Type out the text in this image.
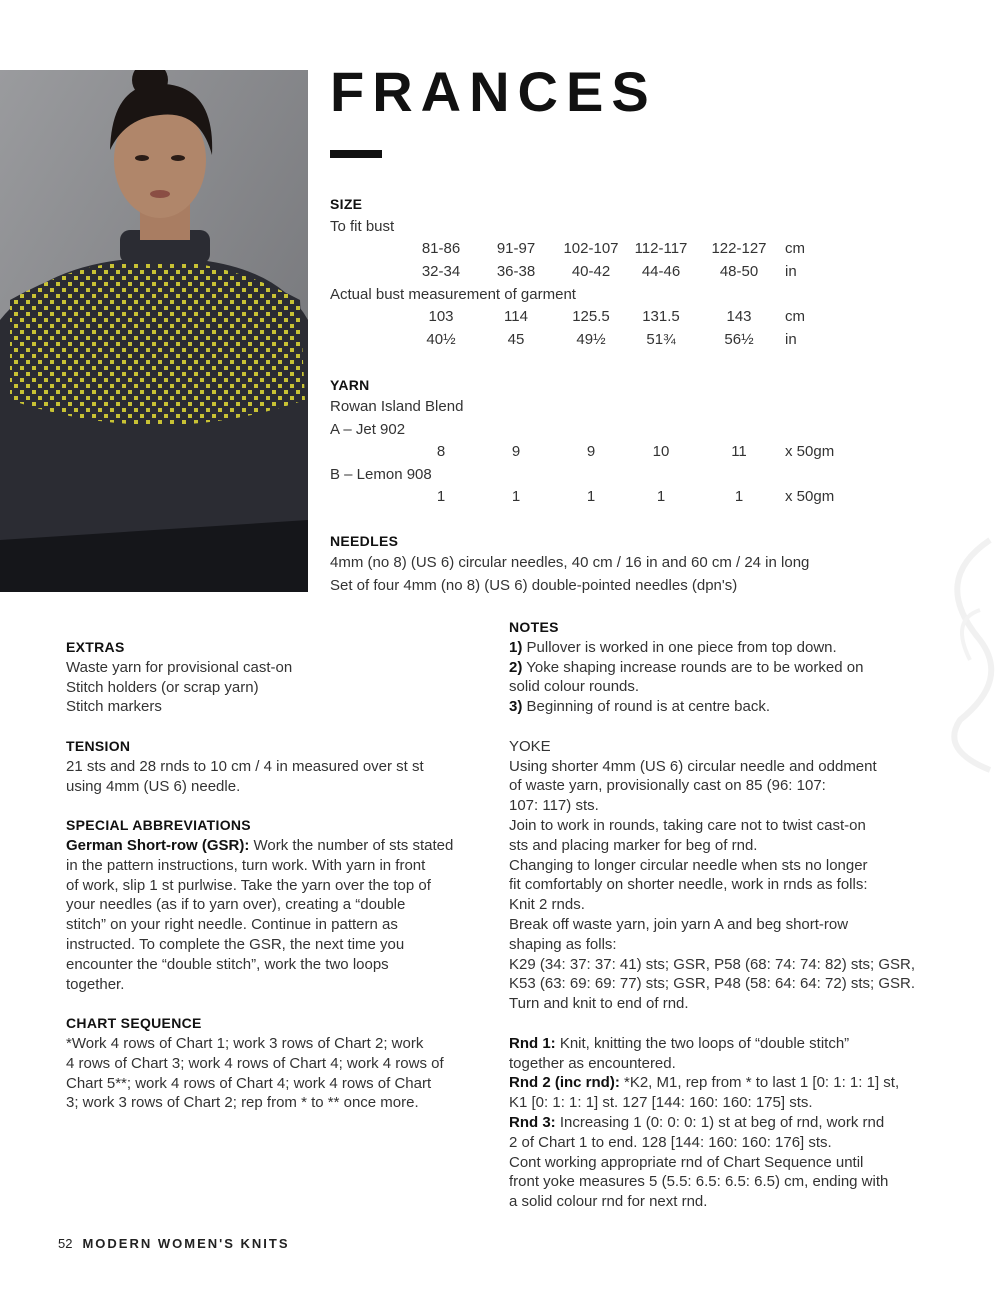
FRANCES
SIZE
To fit bust
81-86	91-97	102-107	112-117	122-127	cm
32-34	36-38	40-42	44-46	48-50	in
Actual bust measurement of garment
103	114	125.5	131.5	143	cm
40½	45	49½	51¾	56½	in
YARN
Rowan Island Blend
A – Jet 902
8	9	9	10	11	x 50gm
B – Lemon 908
1	1	1	1	1	x 50gm
NEEDLES
4mm (no 8) (US 6) circular needles, 40 cm / 16 in and 60 cm / 24 in long
Set of four 4mm (no 8) (US 6) double-pointed needles (dpn's)
EXTRAS

Waste yarn for provisional cast-on

Stitch holders (or scrap yarn)

Stitch markers

TENSION

21 sts and 28 rnds to 10 cm / 4 in measured over st st

using 4mm (US 6) needle.

SPECIAL ABBREVIATIONS

German Short-row (GSR): Work the number of sts stated

in the pattern instructions, turn work. With yarn in front

of work, slip 1 st purlwise. Take the yarn over the top of

your needles (as if to yarn over), creating a “double

stitch” on your right needle. Continue in pattern as

instructed. To complete the GSR, the next time you

encounter the “double stitch”, work the two loops

together.

CHART SEQUENCE

*Work 4 rows of Chart 1; work 3 rows of Chart 2; work

4 rows of Chart 3; work 4 rows of Chart 4; work 4 rows of

Chart 5**; work 4 rows of Chart 4; work 4 rows of Chart

3; work 3 rows of Chart 2; rep from * to ** once more.

NOTES

1) Pullover is worked in one piece from top down.

2) Yoke shaping increase rounds are to be worked on

solid colour rounds.

3) Beginning of round is at centre back.

YOKE

Using shorter 4mm (US 6) circular needle and oddment

of waste yarn, provisionally cast on 85 (96: 107:

107: 117) sts.

Join to work in rounds, taking care not to twist cast-on

sts and placing marker for beg of rnd.

Changing to longer circular needle when sts no longer

fit comfortably on shorter needle, work in rnds as folls:

Knit 2 rnds.

Break off waste yarn, join yarn A and beg short-row

shaping as folls:

K29 (34: 37: 37: 41) sts; GSR, P58 (68: 74: 74: 82) sts; GSR,

K53 (63: 69: 69: 77) sts; GSR, P48 (58: 64: 64: 72) sts; GSR.

Turn and knit to end of rnd.

Rnd 1: Knit, knitting the two loops of “double stitch”

together as encountered.

Rnd 2 (inc rnd): *K2, M1, rep from * to last 1 [0: 1: 1: 1] st,

K1 [0: 1: 1: 1] st. 127 [144: 160: 160: 175] sts.

Rnd 3: Increasing 1 (0: 0: 0: 1) st at beg of rnd, work rnd

2 of Chart 1 to end. 128 [144: 160: 160: 176] sts.

Cont working appropriate rnd of Chart Sequence until

front yoke measures 5 (5.5: 6.5: 6.5: 6.5) cm, ending with

a solid colour rnd for next rnd.

52 MODERN WOMEN'S KNITS
